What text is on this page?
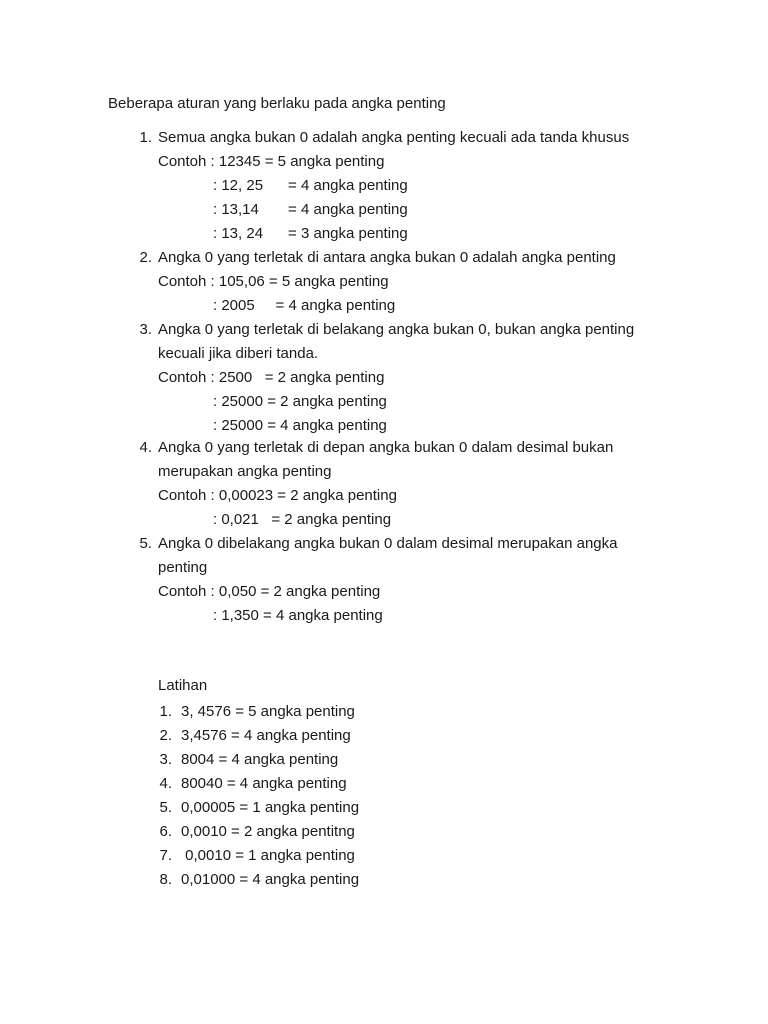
Beberapa aturan yang berlaku pada angka penting
1. Semua angka bukan 0 adalah angka penting kecuali ada tanda khusus
Contoh : 12345 = 5 angka penting
: 12, 25      = 4 angka penting
: 13,14       = 4 angka penting
: 13, 24      = 3 angka penting
2. Angka 0 yang terletak di antara angka bukan 0 adalah angka penting
Contoh : 105,06 = 5 angka penting
: 2005     = 4 angka penting
3. Angka 0 yang terletak di belakang angka bukan 0, bukan angka penting
kecuali jika diberi tanda.
Contoh : 2500   = 2 angka penting
: 25000 = 2 angka penting
: 25000 = 4 angka penting
4. Angka 0 yang terletak di depan angka bukan 0 dalam desimal bukan
merupakan angka penting
Contoh : 0,00023 = 2 angka penting
: 0,021   = 2 angka penting
5. Angka 0 dibelakang angka bukan 0 dalam desimal merupakan angka
penting
Contoh : 0,050 = 2 angka penting
: 1,350 = 4 angka penting
Latihan
1. 3, 4576 = 5 angka penting
2. 3,4576 = 4 angka penting
3. 8004 = 4 angka penting
4. 80040 = 4 angka penting
5. 0,00005 = 1 angka penting
6. 0,0010 = 2 angka pentitng
7. 0,0010 = 1 angka penting
8. 0,01000 = 4 angka penting
